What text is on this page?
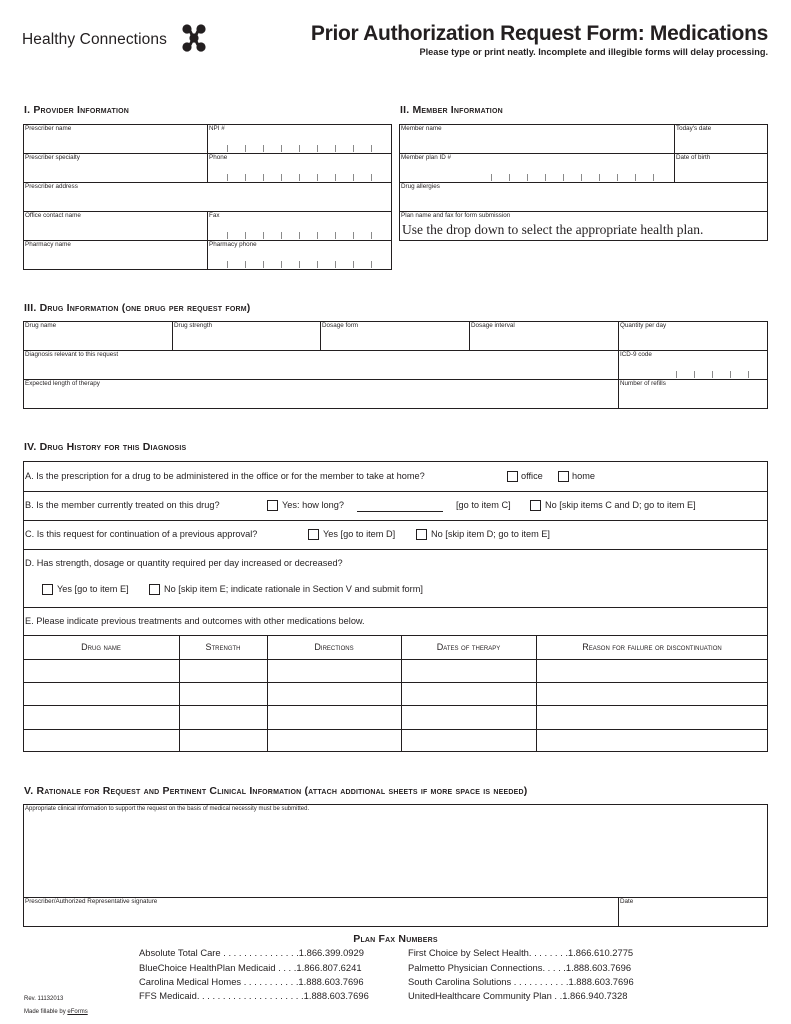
Healthy Connections	Prior Authorization Request Form: Medications
Please type or print neatly. Incomplete and illegible forms will delay processing.
I. Provider Information
Prescriber name	NPI #
Prescriber specialty	Phone
Prescriber address
Office contact name	Fax
Pharmacy name	Pharmacy phone
II. Member Information
Member name	Today's date
Member plan ID #	Date of birth
Drug allergies
Plan name and fax for form submission
Use the drop down to select the appropriate health plan.
III. Drug Information (one drug per request form)
Drug name	Drug strength	Dosage form	Dosage interval	Quantity per day
Diagnosis relevant to this request	ICD-9 code
Expected length of therapy	Number of refills
IV. Drug History for this Diagnosis
A. Is the prescription for a drug to be administered in the office or for the member to take at home?	office	home
B. Is the member currently treated on this drug?	Yes: how long?	[go to item C]	No [skip items C and D; go to item E]
C. Is this request for continuation of a previous approval?	Yes [go to item D]	No [skip item D; go to item E]
D. Has strength, dosage or quantity required per day increased or decreased?
Yes [go to item E]	No [skip item E; indicate rationale in Section V and submit form]
E. Please indicate previous treatments and outcomes with other medications below.
Drug name	Strength	Directions	Dates of therapy	Reason for failure or discontinuation
V. Rationale for Request and Pertinent Clinical Information (attach additional sheets if more space is needed)
Appropriate clinical information to support the request on the basis of medical necessity must be submitted.
Prescriber/Authorized Representative signature	Date
Plan Fax Numbers
Absolute Total Care . . . . . . . . . . . . . . .1.866.399.0929
BlueChoice HealthPlan Medicaid . . . .1.866.807.6241
Carolina Medical Homes . . . . . . . . . . .1.888.603.7696
FFS Medicaid. . . . . . . . . . . . . . . . . . . . .1.888.603.7696
First Choice by Select Health. . . . . . . .1.866.610.2775
Palmetto Physician Connections. . . . .1.888.603.7696
South Carolina Solutions . . . . . . . . . . .1.888.603.7696
UnitedHealthcare Community Plan . .1.866.940.7328
Rev. 11132013
Made fillable by eForms
